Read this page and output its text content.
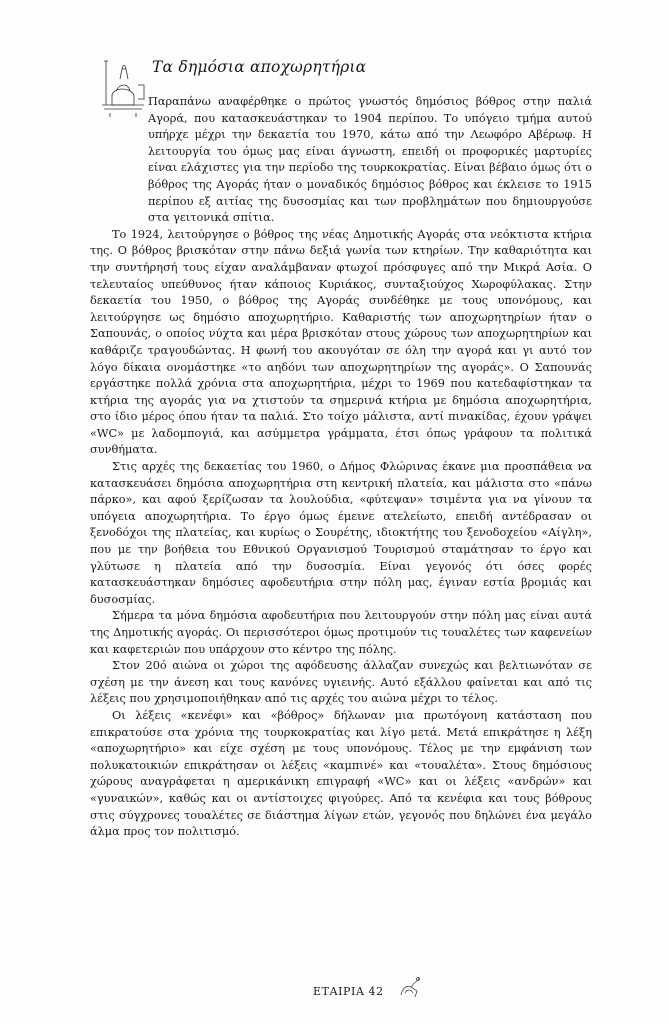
Τα δημόσια αποχωρητήρια

Παραπάνω αναφέρθηκε ο πρώτος γνωστός δημόσιος βόθρος στην παλιά Αγορά, που κατασκευάστηκαν το 1904 περίπου. Το υπόγειο τμήμα αυτού υπήρχε μέχρι την δεκαετία του 1970, κάτω από την Λεωφόρο Αβέρωφ. Η λειτουργία του όμως μας είναι άγνωστη, επειδή οι προφορικές μαρτυρίες είναι ελάχιστες για την περίοδο της τουρκοκρατίας. Είναι βέβαιο όμως ότι ο βόθρος της Αγοράς ήταν ο μοναδικός δημόσιος βόθρος και έκλεισε το 1915 περίπου εξ αιτίας της δυσοσμίας και των προβλημάτων που δημιουργούσε στα γειτονικά σπίτια.

Το 1924, λειτούργησε ο βόθρος της νέας Δημοτικής Αγοράς στα νεόκτιστα κτήρια της. Ο βόθρος βρισκόταν στην πάνω δεξιά γωνία των κτηρίων. Την καθαριότητα και την συντήρησή τους είχαν αναλάμβαναν φτωχοί πρόσφυγες από την Μικρά Ασία. Ο τελευταίος υπεύθυνος ήταν κάποιος Κυριάκος, συνταξιούχος Χωροφύλακας. Στην δεκαετία του 1950, ο βόθρος της Αγοράς συνδέθηκε με τους υπονόμους, και λειτούργησε ως δημόσιο αποχωρητήριο. Καθαριστής των αποχωρητηρίων ήταν ο Σαπουνάς, ο οποίος νύχτα και μέρα βρισκόταν στους χώρους των αποχωρητηρίων και καθάριζε τραγουδώντας. Η φωνή του ακουγόταν σε όλη την αγορά και γι αυτό τον λόγο δίκαια ονομάστηκε «το αηδόνι των αποχωρητηρίων της αγοράς». Ο Σαπουνάς εργάστηκε πολλά χρόνια στα αποχωρητήρια, μέχρι το 1969 που κατεδαφίστηκαν τα κτήρια της αγοράς για να χτιστούν τα σημερινά κτήρια με δημόσια αποχωρητήρια, στο ίδιο μέρος όπου ήταν τα παλιά. Στο τοίχο μάλιστα, αντί πινακίδας, έχουν γράψει «WC» με λαδομπογιά, και ασύμμετρα γράμματα, έτσι όπως γράφουν τα πολιτικά συνθήματα.

Στις αρχές της δεκαετίας του 1960, ο Δήμος Φλώρινας έκανε μια προσπάθεια να κατασκευάσει δημόσια αποχωρητήρια στη κεντρική πλατεία, και μάλιστα στο «πάνω πάρκο», και αφού ξερίζωσαν τα λουλούδια, «φύτεψαν» τσιμέντα για να γίνουν τα υπόγεια αποχωρητήρια. Το έργο όμως έμεινε ατελείωτο, επειδή αντέδρασαν οι ξενοδόχοι της πλατείας, και κυρίως ο Σουρέτης, ιδιοκτήτης του ξενοδοχείου «Αίγλη», που με την βοήθεια του Εθνικού Οργανισμού Τουρισμού σταμάτησαν το έργο και γλύτωσε η πλατεία από την δυσοσμία. Είναι γεγονός ότι όσες φορές κατασκευάστηκαν δημόσιες αφοδευτήρια στην πόλη μας, έγιναν εστία βρομιάς και δυσοσμίας.

Σήμερα τα μόνα δημόσια αφοδευτήρια που λειτουργούν στην πόλη μας είναι αυτά της Δημοτικής αγοράς. Οι περισσότεροι όμως προτιμούν τις τουαλέτες των καφενείων και καφετεριών που υπάρχουν στο κέντρο της πόλης.

Στον 20ό αιώνα οι χώροι της αφόδευσης άλλαζαν συνεχώς και βελτιωνόταν σε σχέση με την άνεση και τους κανόνες υγιεινής. Αυτό εξάλλου φαίνεται και από τις λέξεις που χρησιμοποιήθηκαν από τις αρχές του αιώνα μέχρι το τέλος.

Οι λέξεις «κενέφι» και «βόθρος» δήλωναν μια πρωτόγονη κατάσταση που επικρατούσε στα χρόνια της τουρκοκρατίας και λίγο μετά. Μετά επικράτησε η λέξη «αποχωρητήριο» και είχε σχέση με τους υπονόμους. Τέλος με την εμφάνιση των πολυκατοικιών επικράτησαν οι λέξεις «καμπινέ» και «τουαλέτα». Στους δημόσιους χώρους αναγράφεται η αμερικάνικη επιγραφή «WC» και οι λέξεις «ανδρών» και «γυναικών», καθώς και οι αντίστοιχες φιγούρες. Από τα κενέφια και τους βόθρους στις σύγχρονες τουαλέτες σε διάστημα λίγων ετών, γεγονός που δηλώνει ένα μεγάλο άλμα προς τον πολιτισμό.

ΕΤΑΙΡΙΑ 42
